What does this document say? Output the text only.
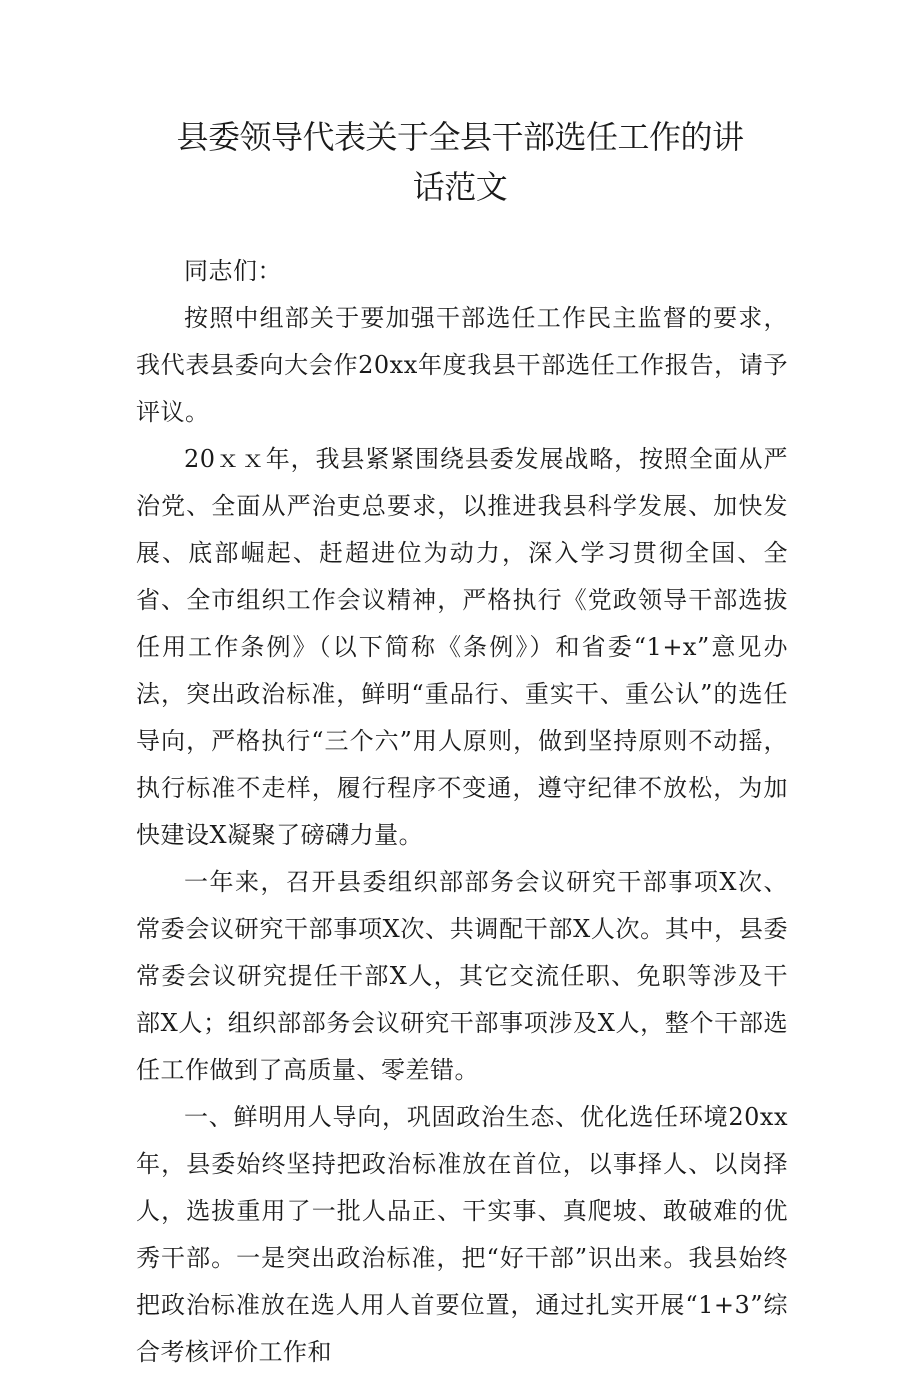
县委领导代表关于全县干部选任工作的讲
话范文

同志们：

按照中组部关于要加强干部选任工作民主监督的要求，我代表县委向大会作20xx年度我县干部选任工作报告，请予评议。

20ｘｘ年，我县紧紧围绕县委发展战略，按照全面从严治党、全面从严治吏总要求，以推进我县科学发展、加快发展、底部崛起、赶超进位为动力，深入学习贯彻全国、全省、全市组织工作会议精神，严格执行《党政领导干部选拔任用工作条例》（以下简称《条例》）和省委“1+x”意见办法，突出政治标准，鲜明“重品行、重实干、重公认”的选任导向，严格执行“三个六”用人原则，做到坚持原则不动摇，执行标准不走样，履行程序不变通，遵守纪律不放松，为加快建设X凝聚了磅礴力量。

一年来，召开县委组织部部务会议研究干部事项X次、常委会议研究干部事项X次、共调配干部X人次。其中，县委常委会议研究提任干部X人，其它交流任职、免职等涉及干部X人；组织部部务会议研究干部事项涉及X人，整个干部选任工作做到了高质量、零差错。

一、鲜明用人导向，巩固政治生态、优化选任环境20xx年，县委始终坚持把政治标准放在首位，以事择人、以岗择人，选拔重用了一批人品正、干实事、真爬坡、敢破难的优秀干部。一是突出政治标准，把“好干部”识出来。我县始终把政治标准放在选人用人首要位置，通过扎实开展“1+3”综合考核评价工作和
